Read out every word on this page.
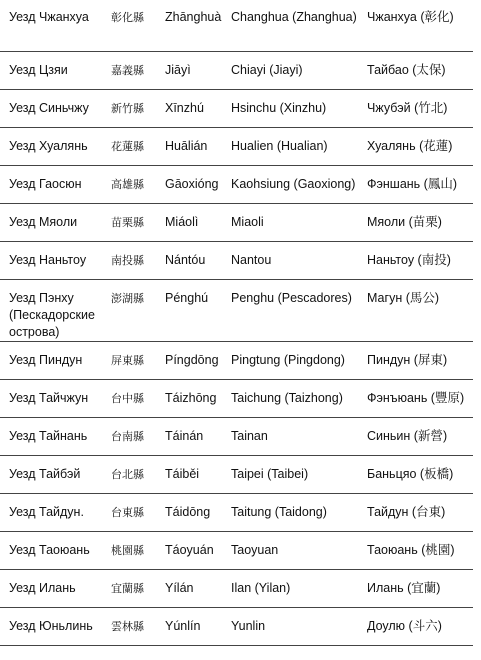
Уезд Чжанхуа	彰化縣	Zhānghuà	Changhua (Zhanghua)	Чжанхуа (彰化)
Уезд Цзяи	嘉義縣	Jiāyì	Chiayi (Jiayi)	Тайбао (太保)
Уезд Синьчжу	新竹縣	Xīnzhú	Hsinchu (Xinzhu)	Чжубэй (竹北)
Уезд Хуалянь	花蓮縣	Huālián	Hualien (Hualian)	Хуалянь (花蓮)
Уезд Гаосюн	高雄縣	Gāoxióng	Kaohsiung (Gaoxiong)	Фэншань (鳳山)
Уезд Мяоли	苗栗縣	Miáolì	Miaoli	Мяоли (苗栗)
Уезд Наньтоу	南投縣	Nántóu	Nantou	Наньтоу (南投)
Уезд Пэнху (Пескадорские острова)	澎湖縣	Pénghú	Penghu (Pescadores)	Магун (馬公)
Уезд Пиндун	屏東縣	Píngdōng	Pingtung (Pingdong)	Пиндун (屏東)
Уезд Тайчжун	台中縣	Táizhōng	Taichung (Taizhong)	Фэнъюань (豐原)
Уезд Тайнань	台南縣	Táinán	Tainan	Синьин (新營)
Уезд Тайбэй	台北縣	Táiběi	Taipei (Taibei)	Баньцяо (板橋)
Уезд Тайдун.	台東縣	Táidōng	Taitung (Taidong)	Тайдун (台東)
Уезд Таоюань	桃園縣	Táoyuán	Taoyuan	Таоюань (桃園)
Уезд Илань	宜蘭縣	Yílán	Ilan (Yilan)	Илань (宜蘭)
Уезд Юньлинь	雲林縣	Yúnlín	Yunlin	Доулю (斗六)
